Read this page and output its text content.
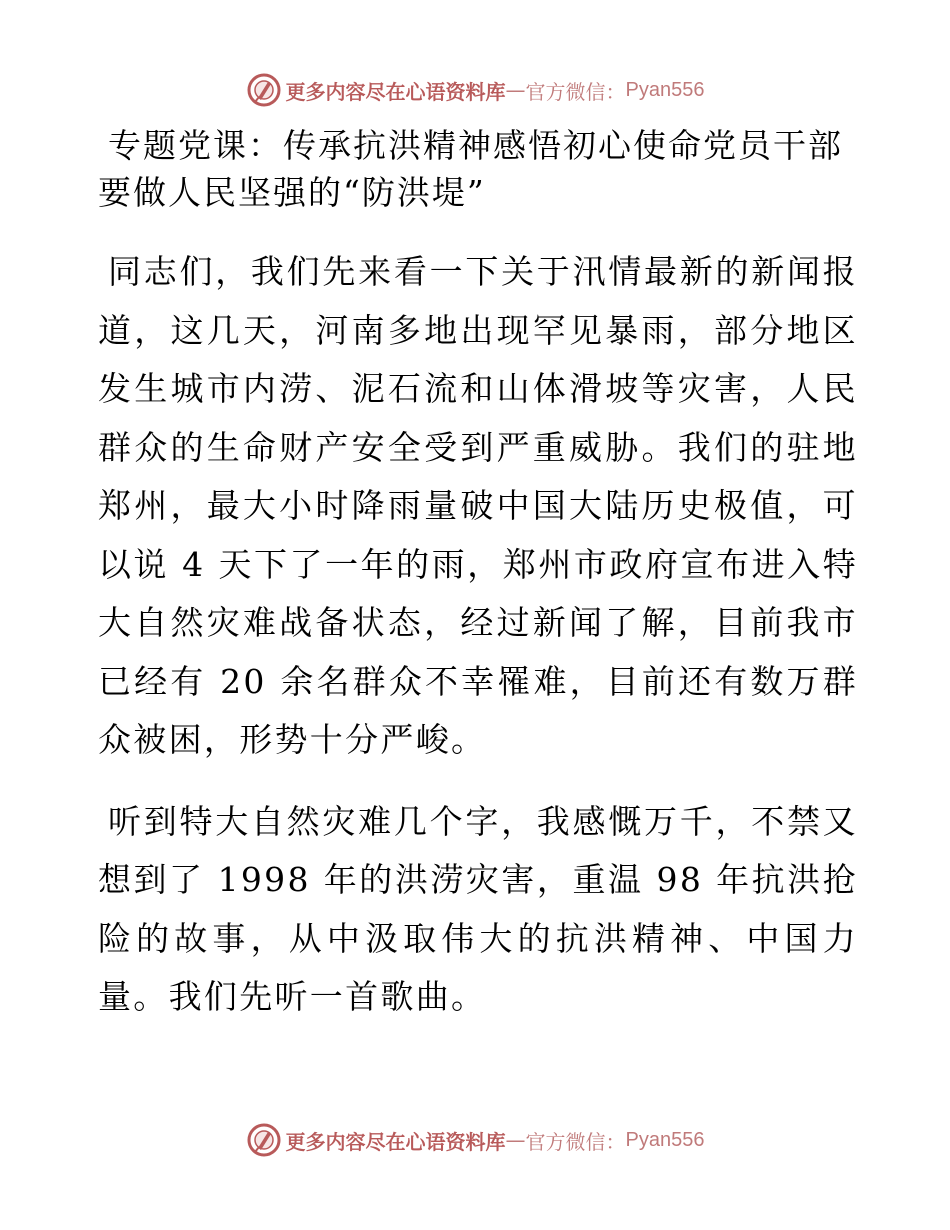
更多内容尽在心语资料库 — 官方微信： Pyan556
专题党课：传承抗洪精神感悟初心使命党员干部要做人民坚强的“防洪堤”

同志们，我们先来看一下关于汛情最新的新闻报道，这几天，河南多地出现罕见暴雨，部分地区发生城市内涝、泥石流和山体滑坡等灾害，人民群众的生命财产安全受到严重威胁。我们的驻地郑州，最大小时降雨量破中国大陆历史极值，可以说 4 天下了一年的雨，郑州市政府宣布进入特大自然灾难战备状态，经过新闻了解，目前我市已经有 20 余名群众不幸罹难，目前还有数万群众被困，形势十分严峻。

听到特大自然灾难几个字，我感慨万千，不禁又想到了 1998 年的洪涝灾害，重温 98 年抗洪抢险的故事，从中汲取伟大的抗洪精神、中国力量。我们先听一首歌曲。

更多内容尽在心语资料库 — 官方微信： Pyan556
